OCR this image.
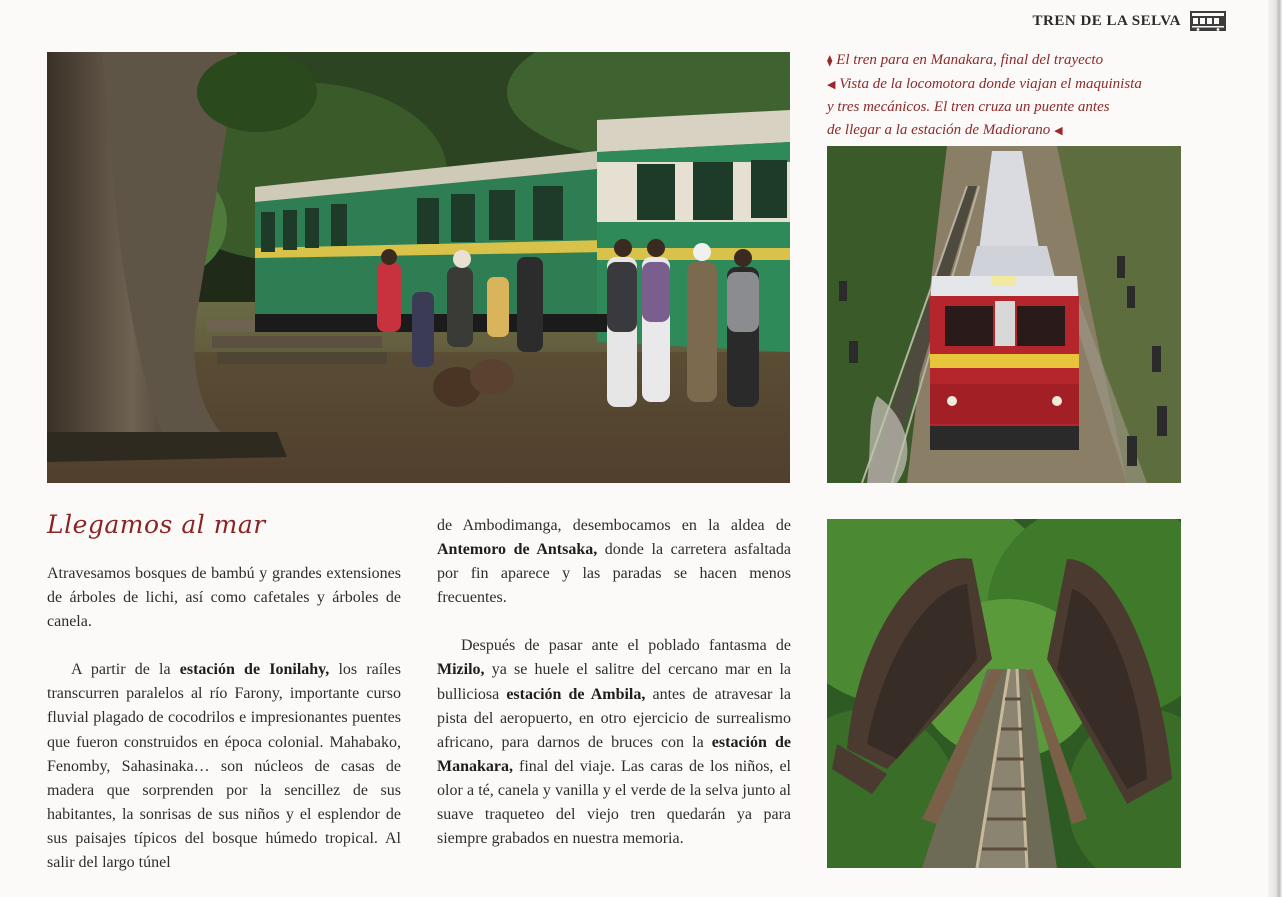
TREN DE LA SELVA
⧫ El tren para en Manakara, final del trayecto
◀ Vista de la locomotora donde viajan el maquinista
y tres mecánicos. El tren cruza un puente antes
de llegar a la estación de Madiorano ◀
Llegamos al mar

Atravesamos bosques de bambú y grandes extensiones de árboles de lichi, así como cafetales y árboles de canela.

A partir de la estación de Ionilahy, los raíles transcurren paralelos al río Farony, importante curso fluvial plagado de cocodrilos e impresionantes puentes que fueron construidos en época colonial. Mahabako, Fenomby, Sahasinaka… son núcleos de casas de madera que sorprenden por la sencillez de sus habitantes, la sonrisas de sus niños y el esplendor de sus paisajes típicos del bosque húmedo tropical. Al salir del largo túnel

de Ambodimanga, desembocamos en la aldea de Antemoro de Antsaka, donde la carretera asfaltada por fin aparece y las paradas se hacen menos frecuentes.

Después de pasar ante el poblado fantasma de Mizilo, ya se huele el salitre del cercano mar en la bulliciosa estación de Ambila, antes de atravesar la pista del aeropuerto, en otro ejercicio de surrealismo africano, para darnos de bruces con la estación de Manakara, final del viaje. Las caras de los niños, el olor a té, canela y vanilla y el verde de la selva junto al suave traqueteo del viejo tren quedarán ya para siempre grabados en nuestra memoria.
